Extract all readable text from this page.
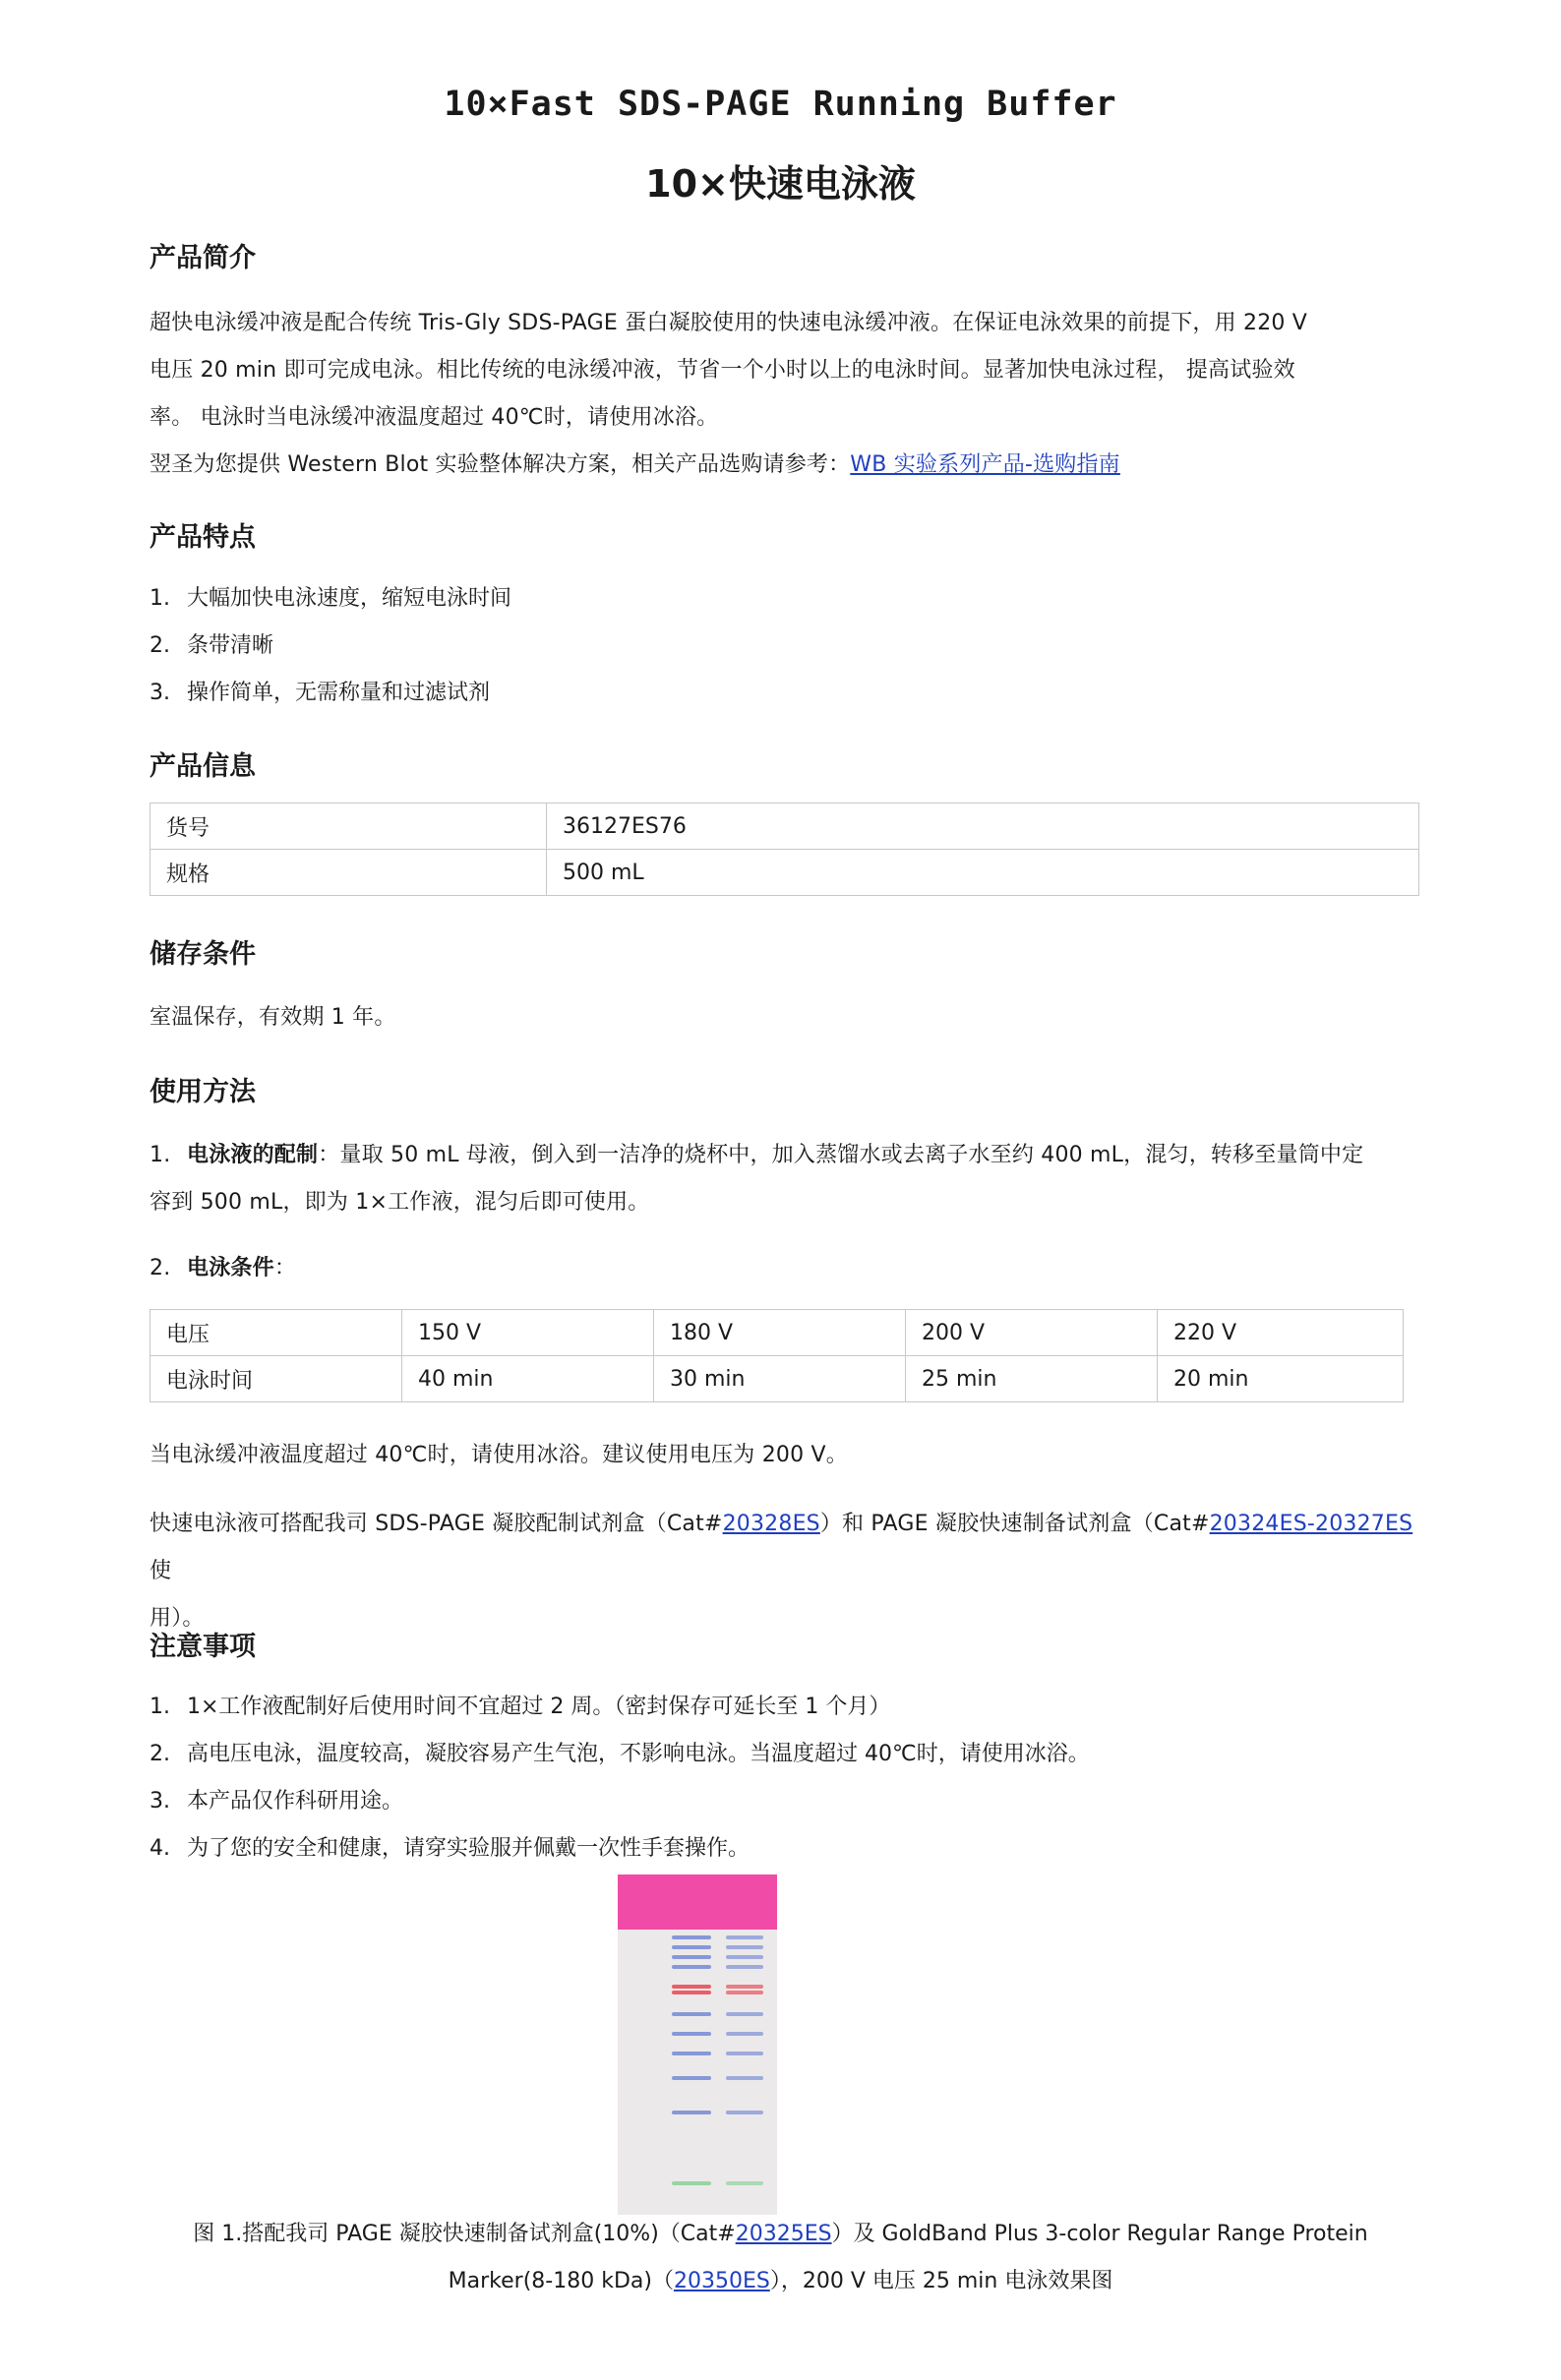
10×Fast SDS-PAGE Running Buffer
10×快速电泳液
产品简介
超快电泳缓冲液是配合传统 Tris-Gly SDS-PAGE 蛋白凝胶使用的快速电泳缓冲液。在保证电泳效果的前提下，用 220 V
电压 20 min 即可完成电泳。相比传统的电泳缓冲液，节省一个小时以上的电泳时间。显著加快电泳过程， 提高试验效
率。 电泳时当电泳缓冲液温度超过 40℃时，请使用冰浴。
翌圣为您提供 Western Blot 实验整体解决方案，相关产品选购请参考：WB 实验系列产品-选购指南
产品特点
1. 大幅加快电泳速度，缩短电泳时间
2. 条带清晰
3. 操作简单，无需称量和过滤试剂
产品信息
货号	36127ES76
规格	500 mL
储存条件
室温保存，有效期 1 年。
使用方法
1. 电泳液的配制：量取 50 mL 母液，倒入到一洁净的烧杯中，加入蒸馏水或去离子水至约 400 mL，混匀，转移至量筒中定
容到 500 mL，即为 1×工作液，混匀后即可使用。
2. 电泳条件：
电压	150 V	180 V	200 V	220 V
电泳时间	40 min	30 min	25 min	20 min
当电泳缓冲液温度超过 40℃时，请使用冰浴。建议使用电压为 200 V。
快速电泳液可搭配我司 SDS-PAGE 凝胶配制试剂盒（Cat#20328ES）和 PAGE 凝胶快速制备试剂盒（Cat#20324ES-20327ES 使
用）。
注意事项
1. 1×工作液配制好后使用时间不宜超过 2 周。（密封保存可延长至 1 个月）
2. 高电压电泳，温度较高，凝胶容易产生气泡，不影响电泳。当温度超过 40℃时，请使用冰浴。
3. 本产品仅作科研用途。
4. 为了您的安全和健康，请穿实验服并佩戴一次性手套操作。
图 1.搭配我司 PAGE 凝胶快速制备试剂盒(10%)（Cat#20325ES）及 GoldBand Plus 3-color Regular Range Protein
Marker(8-180 kDa)（20350ES），200 V 电压 25 min 电泳效果图
